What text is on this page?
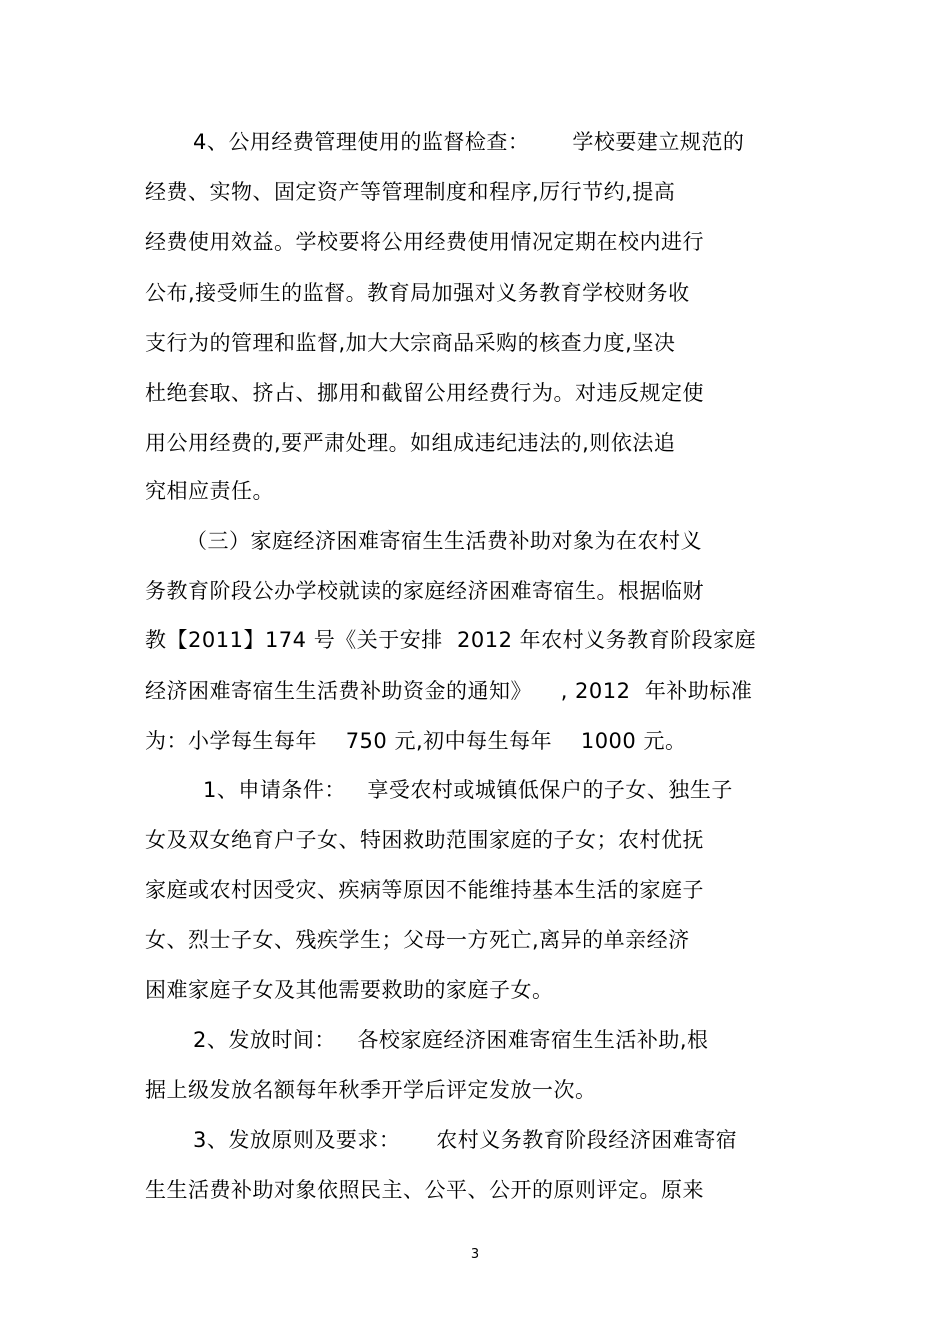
4、公用经费管理使用的监督检查：      学校要建立规范的
经费、实物、固定资产等管理制度和程序,厉行节约,提高
经费使用效益。学校要将公用经费使用情况定期在校内进行
公布,接受师生的监督。教育局加强对义务教育学校财务收
支行为的管理和监督,加大大宗商品采购的核查力度,坚决
杜绝套取、挤占、挪用和截留公用经费行为。对违反规定使
用公用经费的,要严肃处理。如组成违纪违法的,则依法追
究相应责任。
（三）家庭经济困难寄宿生生活费补助对象为在农村义
务教育阶段公办学校就读的家庭经济困难寄宿生。根据临财
教【2011】174 号《关于安排  2012 年农村义务教育阶段家庭
经济困难寄宿生生活费补助资金的通知》    , 2012  年补助标准
为：小学每生每年    750 元,初中每生每年    1000 元。
1、申请条件：   享受农村或城镇低保户的子女、独生子
女及双女绝育户子女、特困救助范围家庭的子女；农村优抚
家庭或农村因受灾、疾病等原因不能维持基本生活的家庭子
女、烈士子女、残疾学生；父母一方死亡,离异的单亲经济
困难家庭子女及其他需要救助的家庭子女。
2、发放时间：   各校家庭经济困难寄宿生生活补助,根
据上级发放名额每年秋季开学后评定发放一次。
3、发放原则及要求：     农村义务教育阶段经济困难寄宿
生生活费补助对象依照民主、公平、公开的原则评定。原来
3
